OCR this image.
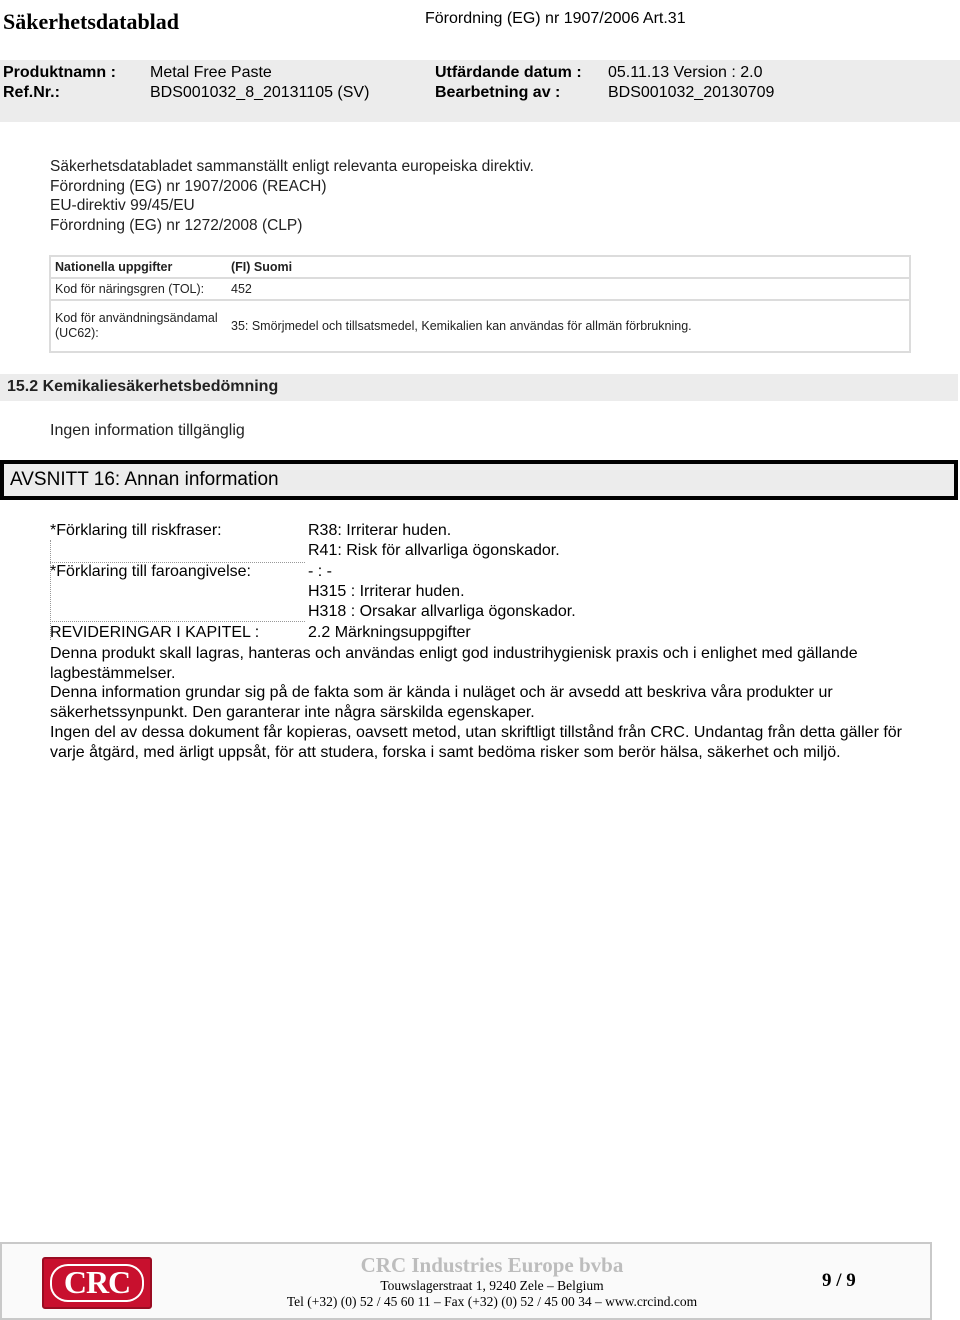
Säkerhetsdatablad	Förordning (EG) nr 1907/2006 Art.31
Produktnamn : Metal Free Paste
Ref.Nr.:	BDS001032_8_20131105 (SV)
Utfärdande datum : 05.11.13 Version : 2.0
Bearbetning av :	BDS001032_20130709
Säkerhetsdatabladet sammanställt enligt relevanta europeiska direktiv.
Förordning (EG) nr 1907/2006 (REACH)
EU-direktiv 99/45/EU
Förordning (EG) nr 1272/2008 (CLP)
Nationella uppgifter	(FI) Suomi
Kod för näringsgren (TOL):	452
Kod för användningsändamal (UC62):	35: Smörjmedel och tillsatsmedel, Kemikalien kan användas för allmän förbrukning.
15.2 Kemikaliesäkerhetsbedömning
Ingen information tillgänglig
AVSNITT 16: Annan information
*Förklaring till riskfraser:	R38: Irriterar huden.
R41: Risk för allvarliga ögonskador.
*Förklaring till faroangivelse:	- : -
H315 : Irriterar huden.
H318 : Orsakar allvarliga ögonskador.
REVIDERINGAR I KAPITEL :	2.2 Märkningsuppgifter

Denna produkt skall lagras, hanteras och användas enligt god industrihygienisk praxis och i enlighet med gällande lagbestämmelser.

Denna information grundar sig på de fakta som är kända i nuläget och är avsedd att beskriva våra produkter ur säkerhetssynpunkt. Den garanterar inte några särskilda egenskaper.

Ingen del av dessa dokument får kopieras, oavsett metod, utan skriftligt tillstånd från CRC. Undantag från detta gäller för varje åtgärd, med ärligt uppsåt, för att studera, forska i samt bedöma risker som berör hälsa, säkerhet och miljö.

CRC	CRC Industries Europe bvba
Touwslagerstraat 1, 9240 Zele – Belgium
Tel (+32) (0) 52 / 45 60 11 – Fax (+32) (0) 52 / 45 00 34 – www.crcind.com
9 / 9
